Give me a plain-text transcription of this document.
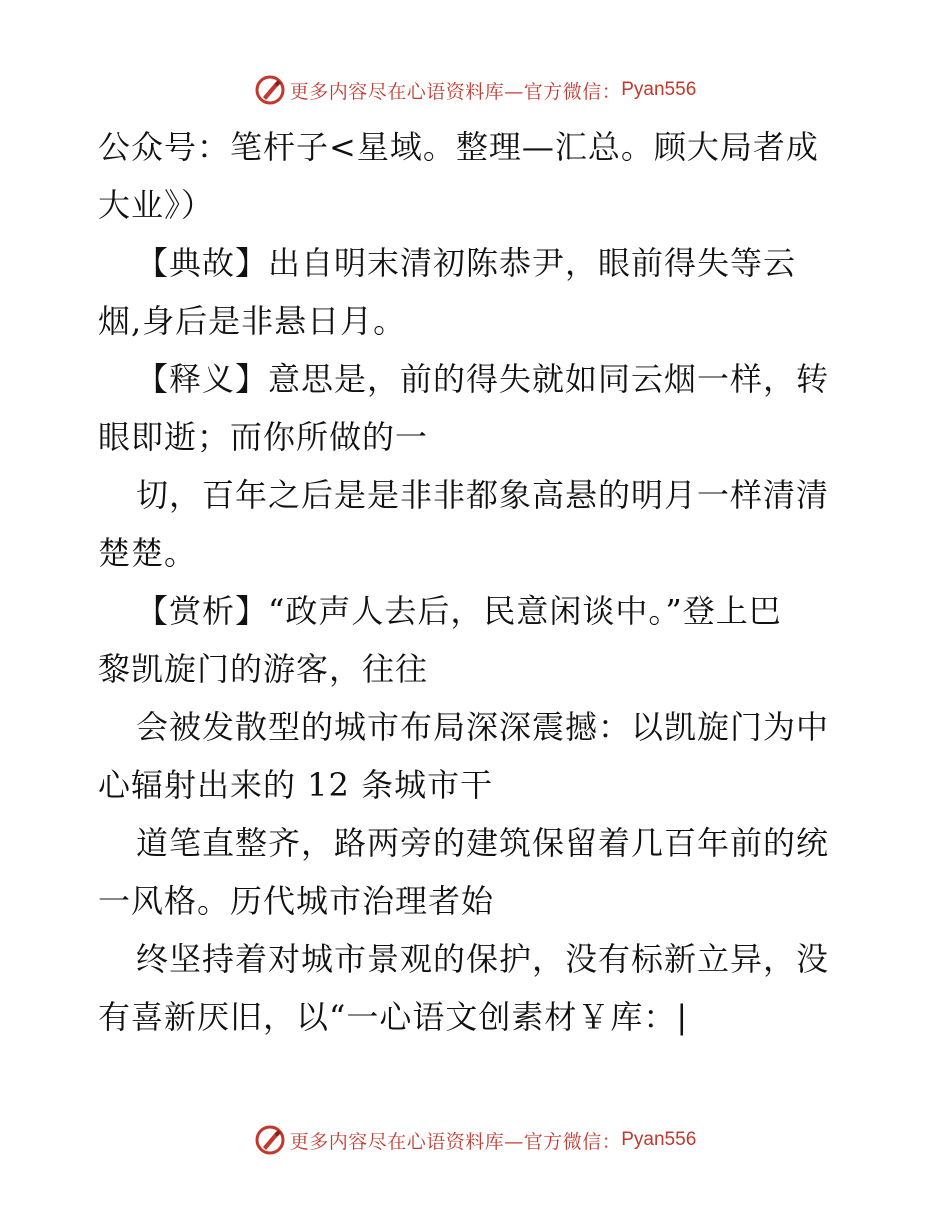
更多内容尽在心语资料库—官方微信： Pyan556
公众号：笔杆子<星域。整理—汇总。顾大局者成
大业》）
【典故】出自明末清初陈恭尹，眼前得失等云
烟,身后是非悬日月。
【释义】意思是，前的得失就如同云烟一样，转
眼即逝；而你所做的一
切，百年之后是是非非都象高悬的明月一样清清
楚楚。
【赏析】“政声人去后，民意闲谈中。”登上巴
黎凯旋门的游客，往往
会被发散型的城市布局深深震撼：以凯旋门为中
心辐射出来的 12 条城市干
道笔直整齐，路两旁的建筑保留着几百年前的统
一风格。历代城市治理者始
终坚持着对城市景观的保护，没有标新立异，没
有喜新厌旧，以“一心语文创素材￥库：|
更多内容尽在心语资料库—官方微信： Pyan556
